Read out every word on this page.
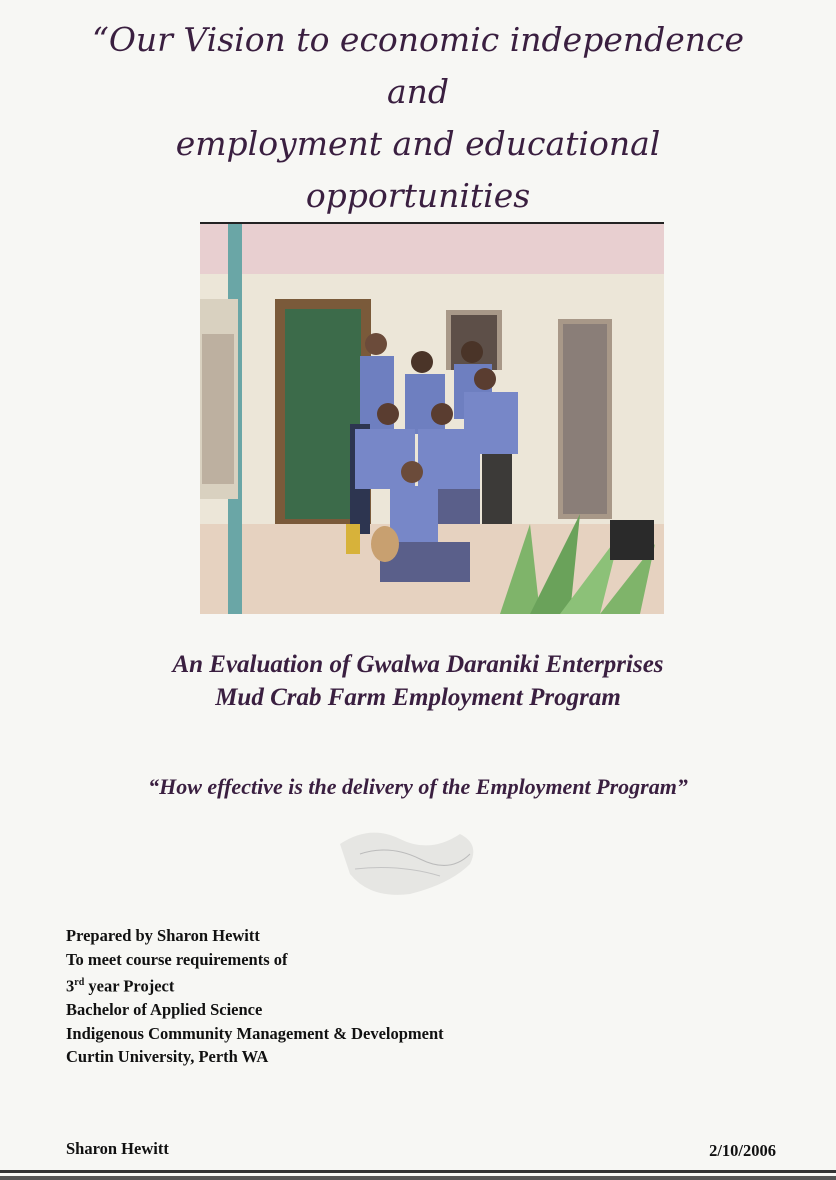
“Our Vision to economic independence and
employment and educational opportunities
An Evaluation of Gwalwa Daraniki Enterprises
Mud Crab Farm Employment Program
“How effective is the delivery of the Employment Program”
Prepared by Sharon Hewitt
To meet course requirements of
3rd year Project
Bachelor of Applied Science
Indigenous Community Management & Development
Curtin University, Perth WA
Sharon Hewitt	2/10/2006
